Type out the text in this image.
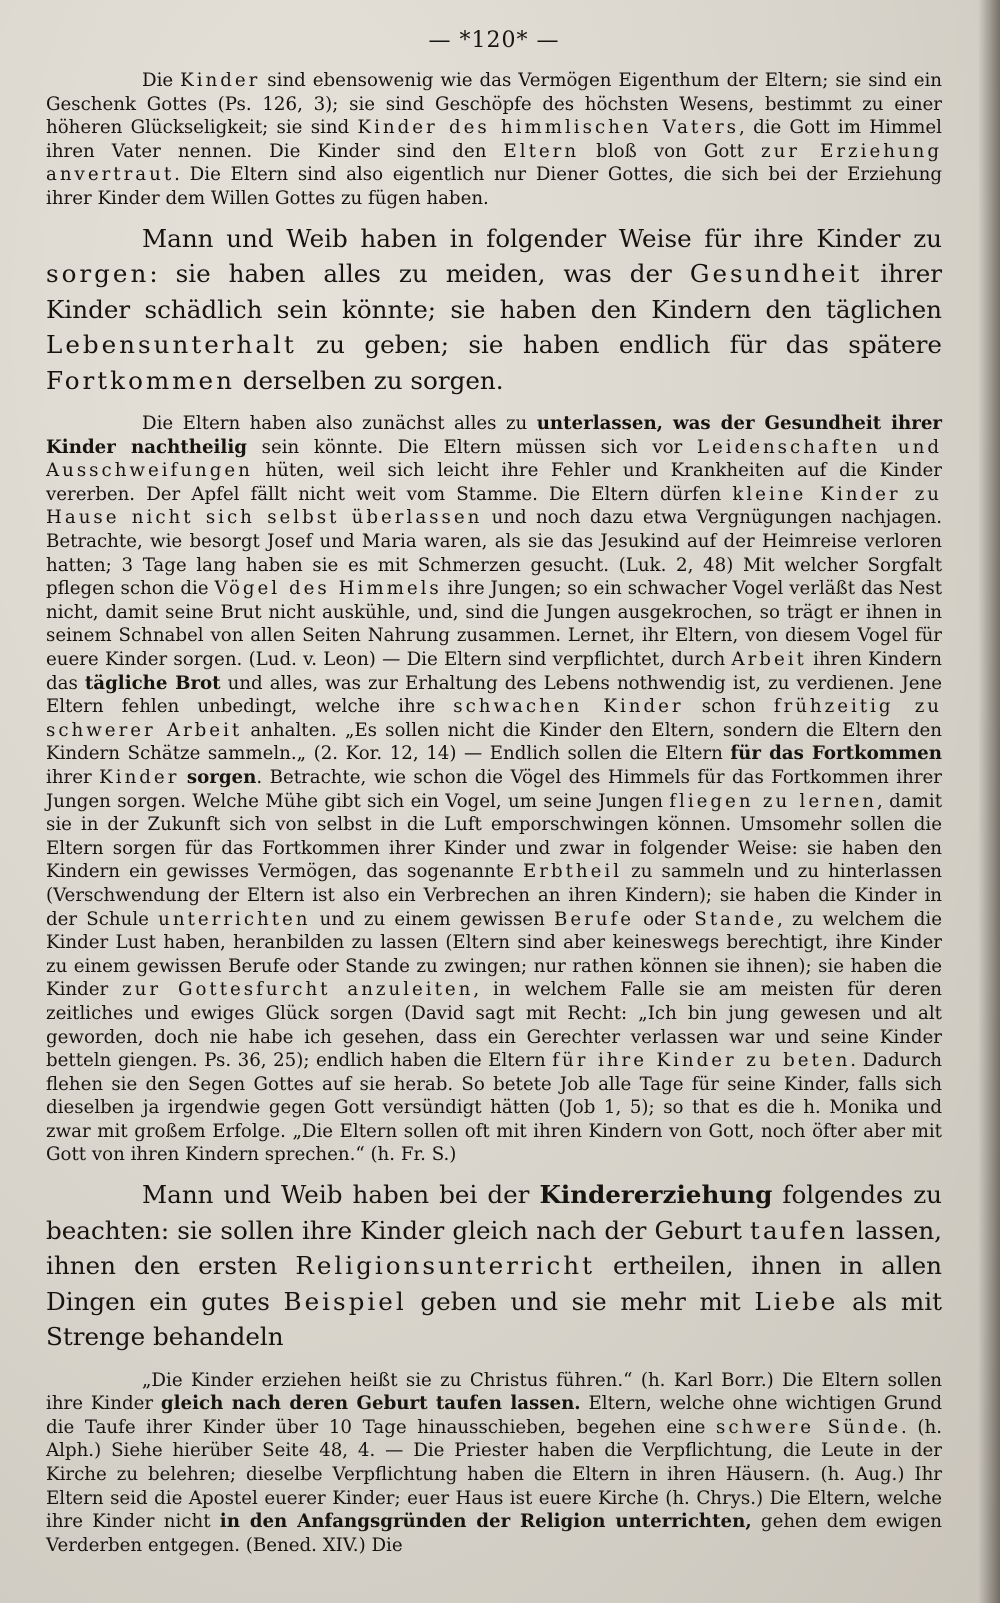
— *120* —

Die Kinder sind ebensowenig wie das Vermögen Eigenthum der Eltern; sie sind ein Geschenk Gottes (Ps. 126, 3); sie sind Geschöpfe des höchsten Wesens, bestimmt zu einer höheren Glückseligkeit; sie sind Kinder des himmlischen Vaters, die Gott im Himmel ihren Vater nennen. Die Kinder sind den Eltern bloß von Gott zur Erziehung anvertraut. Die Eltern sind also eigentlich nur Diener Gottes, die sich bei der Erziehung ihrer Kinder dem Willen Gottes zu fügen haben.

Mann und Weib haben in folgender Weise für ihre Kinder zu sorgen: sie haben alles zu meiden, was der Gesundheit ihrer Kinder schädlich sein könnte; sie haben den Kindern den täglichen Lebensunterhalt zu geben; sie haben endlich für das spätere Fortkommen derselben zu sorgen.

Die Eltern haben also zunächst alles zu unterlassen, was der Gesundheit ihrer Kinder nachtheilig sein könnte. Die Eltern müssen sich vor Leidenschaften und Ausschweifungen hüten, weil sich leicht ihre Fehler und Krankheiten auf die Kinder vererben. Der Apfel fällt nicht weit vom Stamme. Die Eltern dürfen kleine Kinder zu Hause nicht sich selbst überlassen und noch dazu etwa Vergnügungen nachjagen. Betrachte, wie besorgt Josef und Maria waren, als sie das Jesukind auf der Heimreise verloren hatten; 3 Tage lang haben sie es mit Schmerzen gesucht. (Luk. 2, 48) Mit welcher Sorgfalt pflegen schon die Vögel des Himmels ihre Jungen; so ein schwacher Vogel verläßt das Nest nicht, damit seine Brut nicht auskühle, und, sind die Jungen ausgekrochen, so trägt er ihnen in seinem Schnabel von allen Seiten Nahrung zusammen. Lernet, ihr Eltern, von diesem Vogel für euere Kinder sorgen. (Lud. v. Leon) — Die Eltern sind verpflichtet, durch Arbeit ihren Kindern das tägliche Brot und alles, was zur Erhaltung des Lebens nothwendig ist, zu verdienen. Jene Eltern fehlen unbedingt, welche ihre schwachen Kinder schon frühzeitig zu schwerer Arbeit anhalten. „Es sollen nicht die Kinder den Eltern, sondern die Eltern den Kindern Schätze sammeln.„ (2. Kor. 12, 14) — Endlich sollen die Eltern für das Fortkommen ihrer Kinder sorgen. Betrachte, wie schon die Vögel des Himmels für das Fortkommen ihrer Jungen sorgen. Welche Mühe gibt sich ein Vogel, um seine Jungen fliegen zu lernen, damit sie in der Zukunft sich von selbst in die Luft emporschwingen können. Umsomehr sollen die Eltern sorgen für das Fortkommen ihrer Kinder und zwar in folgender Weise: sie haben den Kindern ein gewisses Vermögen, das sogenannte Erbtheil zu sammeln und zu hinterlassen (Verschwendung der Eltern ist also ein Verbrechen an ihren Kindern); sie haben die Kinder in der Schule unterrichten und zu einem gewissen Berufe oder Stande, zu welchem die Kinder Lust haben, heranbilden zu lassen (Eltern sind aber keineswegs berechtigt, ihre Kinder zu einem gewissen Berufe oder Stande zu zwingen; nur rathen können sie ihnen); sie haben die Kinder zur Gottesfurcht anzuleiten, in welchem Falle sie am meisten für deren zeitliches und ewiges Glück sorgen (David sagt mit Recht: „Ich bin jung gewesen und alt geworden, doch nie habe ich gesehen, dass ein Gerechter verlassen war und seine Kinder betteln giengen. Ps. 36, 25); endlich haben die Eltern für ihre Kinder zu beten. Dadurch flehen sie den Segen Gottes auf sie herab. So betete Job alle Tage für seine Kinder, falls sich dieselben ja irgendwie gegen Gott versündigt hätten (Job 1, 5); so that es die h. Monika und zwar mit großem Erfolge. „Die Eltern sollen oft mit ihren Kindern von Gott, noch öfter aber mit Gott von ihren Kindern sprechen.“ (h. Fr. S.)

Mann und Weib haben bei der Kindererziehung folgendes zu beachten: sie sollen ihre Kinder gleich nach der Geburt taufen lassen, ihnen den ersten Religionsunterricht ertheilen, ihnen in allen Dingen ein gutes Beispiel geben und sie mehr mit Liebe als mit Strenge behandeln

„Die Kinder erziehen heißt sie zu Christus führen.“ (h. Karl Borr.) Die Eltern sollen ihre Kinder gleich nach deren Geburt taufen lassen. Eltern, welche ohne wichtigen Grund die Taufe ihrer Kinder über 10 Tage hinausschieben, begehen eine schwere Sünde. (h. Alph.) Siehe hierüber Seite 48, 4. — Die Priester haben die Verpflichtung, die Leute in der Kirche zu belehren; dieselbe Verpflichtung haben die Eltern in ihren Häusern. (h. Aug.) Ihr Eltern seid die Apostel euerer Kinder; euer Haus ist euere Kirche (h. Chrys.) Die Eltern, welche ihre Kinder nicht in den Anfangsgründen der Religion unterrichten, gehen dem ewigen Verderben entgegen. (Bened. XIV.) Die
